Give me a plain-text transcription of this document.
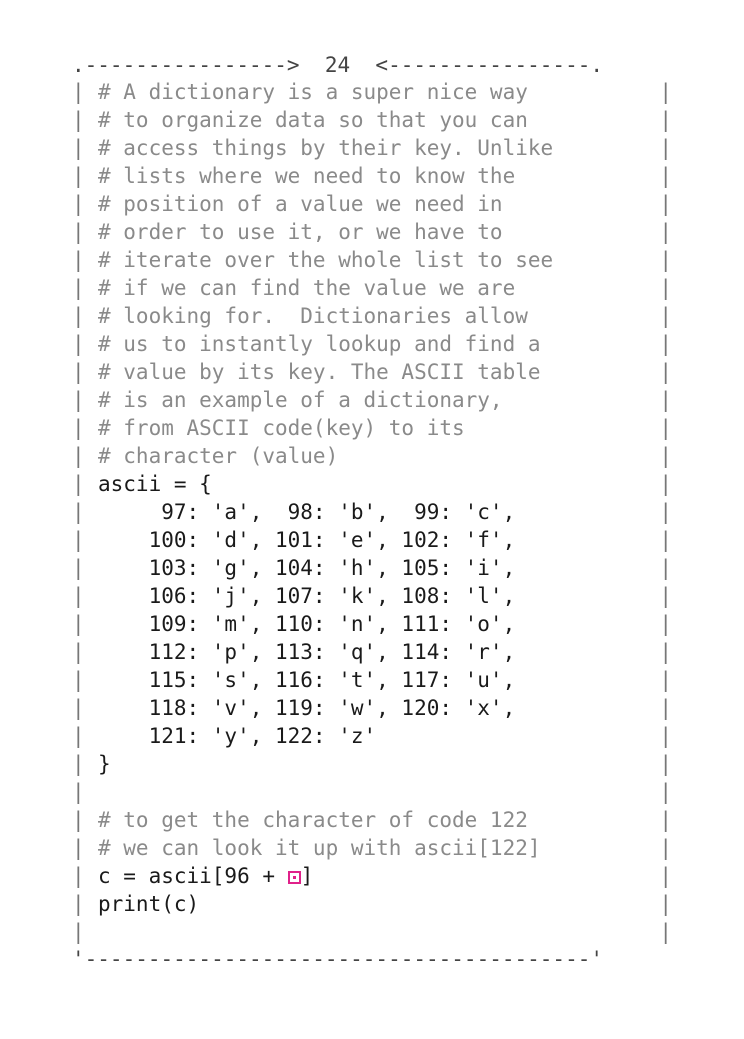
.---------------->  24  <----------------.
| # A dictionary is a super nice way	|
| # to organize data so that you can	|
| # access things by their key. Unlike	|
| # lists where we need to know the	|
| # position of a value we need in	|
| # order to use it, or we have to	|
| # iterate over the whole list to see	|
| # if we can find the value we are	|
| # looking for.  Dictionaries allow	|
| # us to instantly lookup and find a	|
| # value by its key. The ASCII table	|
| # is an example of a dictionary,	|
| # from ASCII code(key) to its	|
| # character (value)	|
| ascii = {	|
| 97: 'a',  98: 'b',  99: 'c',	|
| 100: 'd', 101: 'e', 102: 'f',	|
| 103: 'g', 104: 'h', 105: 'i',	|
| 106: 'j', 107: 'k', 108: 'l',	|
| 109: 'm', 110: 'n', 111: 'o',	|
| 112: 'p', 113: 'q', 114: 'r',	|
| 115: 's', 116: 't', 117: 'u',	|
| 118: 'v', 119: 'w', 120: 'x',	|
| 121: 'y', 122: 'z'	|
| }	|
|	|
| # to get the character of code 122	|
| # we can look it up with ascii[122]	|
| c = ascii[96 + ]	|
| print(c)	|
|	|
'----------------------------------------'
